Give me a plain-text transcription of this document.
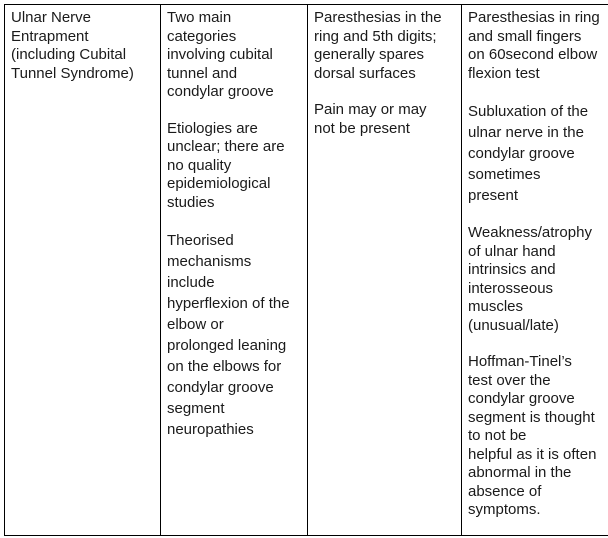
Ulnar Nerve
Entrapment
(including Cubital
Tunnel Syndrome)

Two main
categories
involving cubital
tunnel and
condylar groove
Etiologies are
unclear; there are
no quality
epidemiological
studies
Theorised
mechanisms
include
hyperflexion of the
elbow or
prolonged leaning
on the elbows for
condylar groove
segment
neuropathies

Paresthesias in the
ring and 5th digits;
generally spares
dorsal surfaces
Pain may or may
not be present

Paresthesias in ring
and small fingers
on 60second elbow
flexion test
Subluxation of the
ulnar nerve in the
condylar groove
sometimes
present
Weakness/atrophy
of ulnar hand
intrinsics and
interosseous
muscles
(unusual/late)
Hoffman-Tinel’s
test over the
condylar groove
segment is thought
to not be
helpful as it is often
abnormal in the
absence of
symptoms.
